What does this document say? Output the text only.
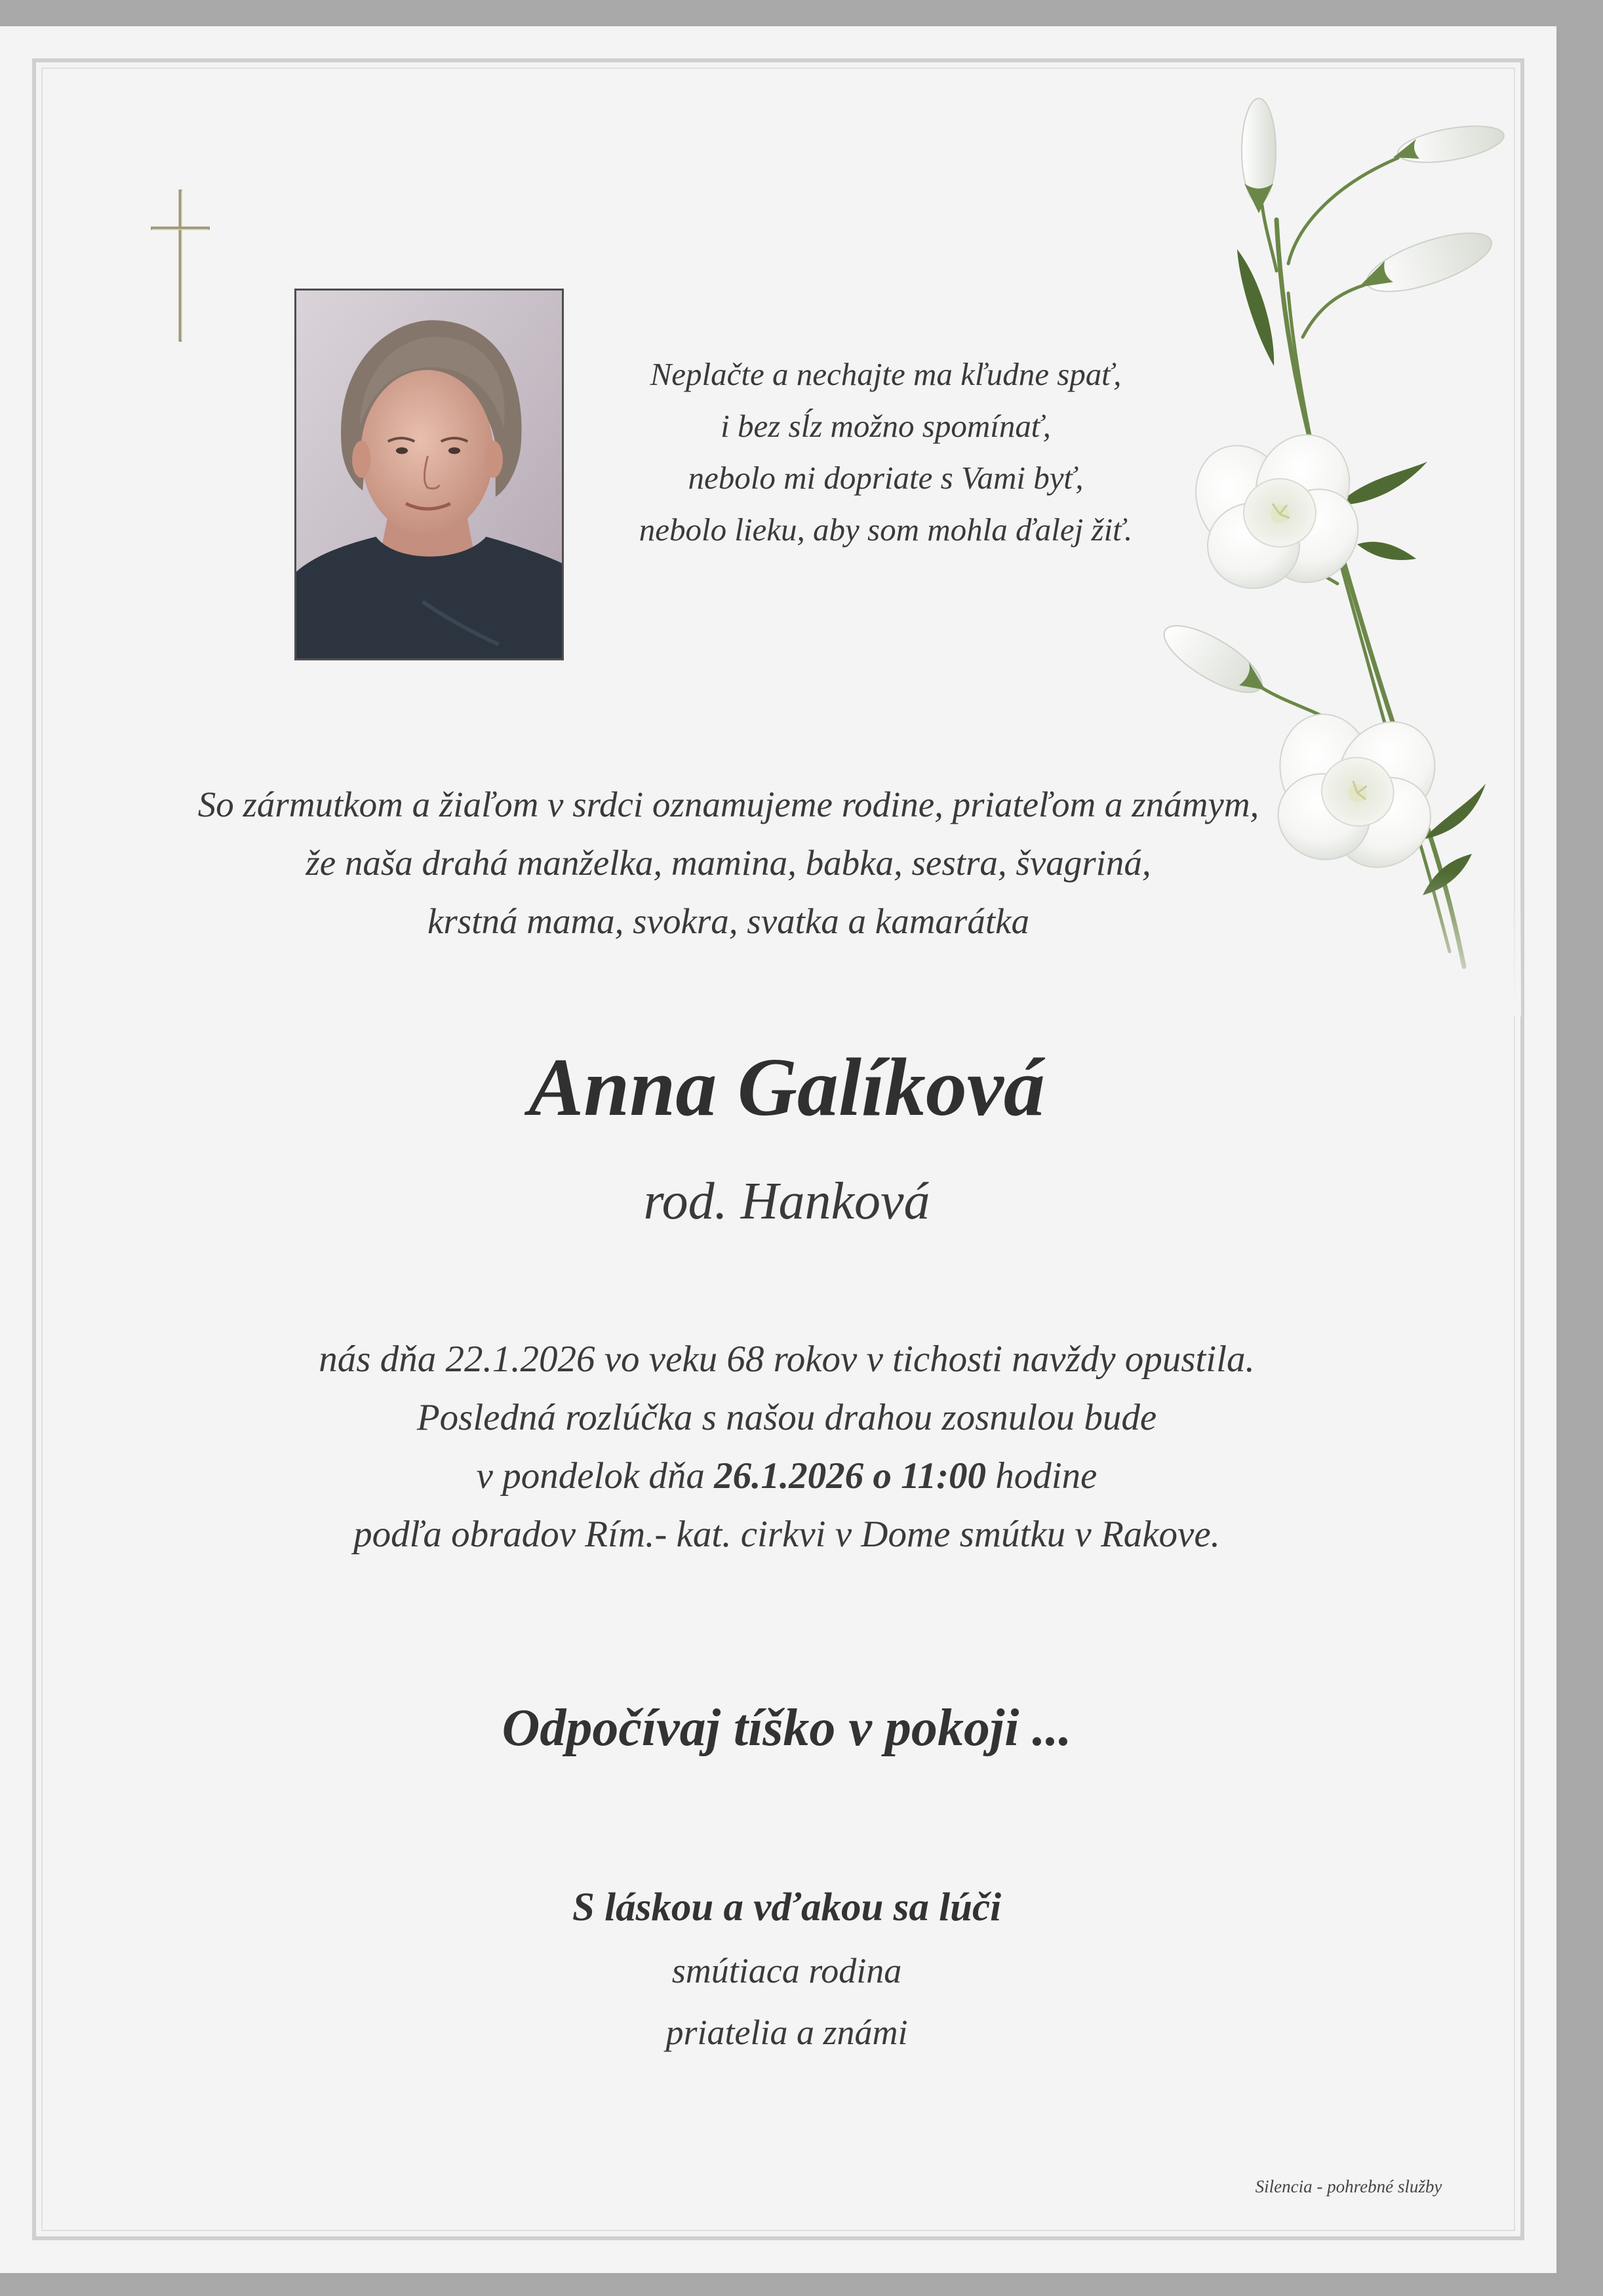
Neplačte a nechajte ma kľudne spať,
i bez sĺz možno spomínať,
nebolo mi dopriate s Vami byť,
nebolo lieku, aby som mohla ďalej žiť.
So zármutkom a žiaľom v srdci oznamujeme rodine, priateľom a známym,
že naša drahá manželka, mamina, babka, sestra, švagriná,
krstná mama, svokra, svatka a kamarátka
Anna Galíková
rod. Hanková
nás dňa 22.1.2026 vo veku 68 rokov v tichosti navždy opustila.
Posledná rozlúčka s našou drahou zosnulou bude
v pondelok dňa 26.1.2026 o 11:00 hodine
podľa obradov Rím.- kat. cirkvi v Dome smútku v Rakove.
Odpočívaj tíško v pokoji ...
S láskou a vďakou sa lúči
smútiaca rodina
priatelia a známi
Silencia - pohrebné služby
